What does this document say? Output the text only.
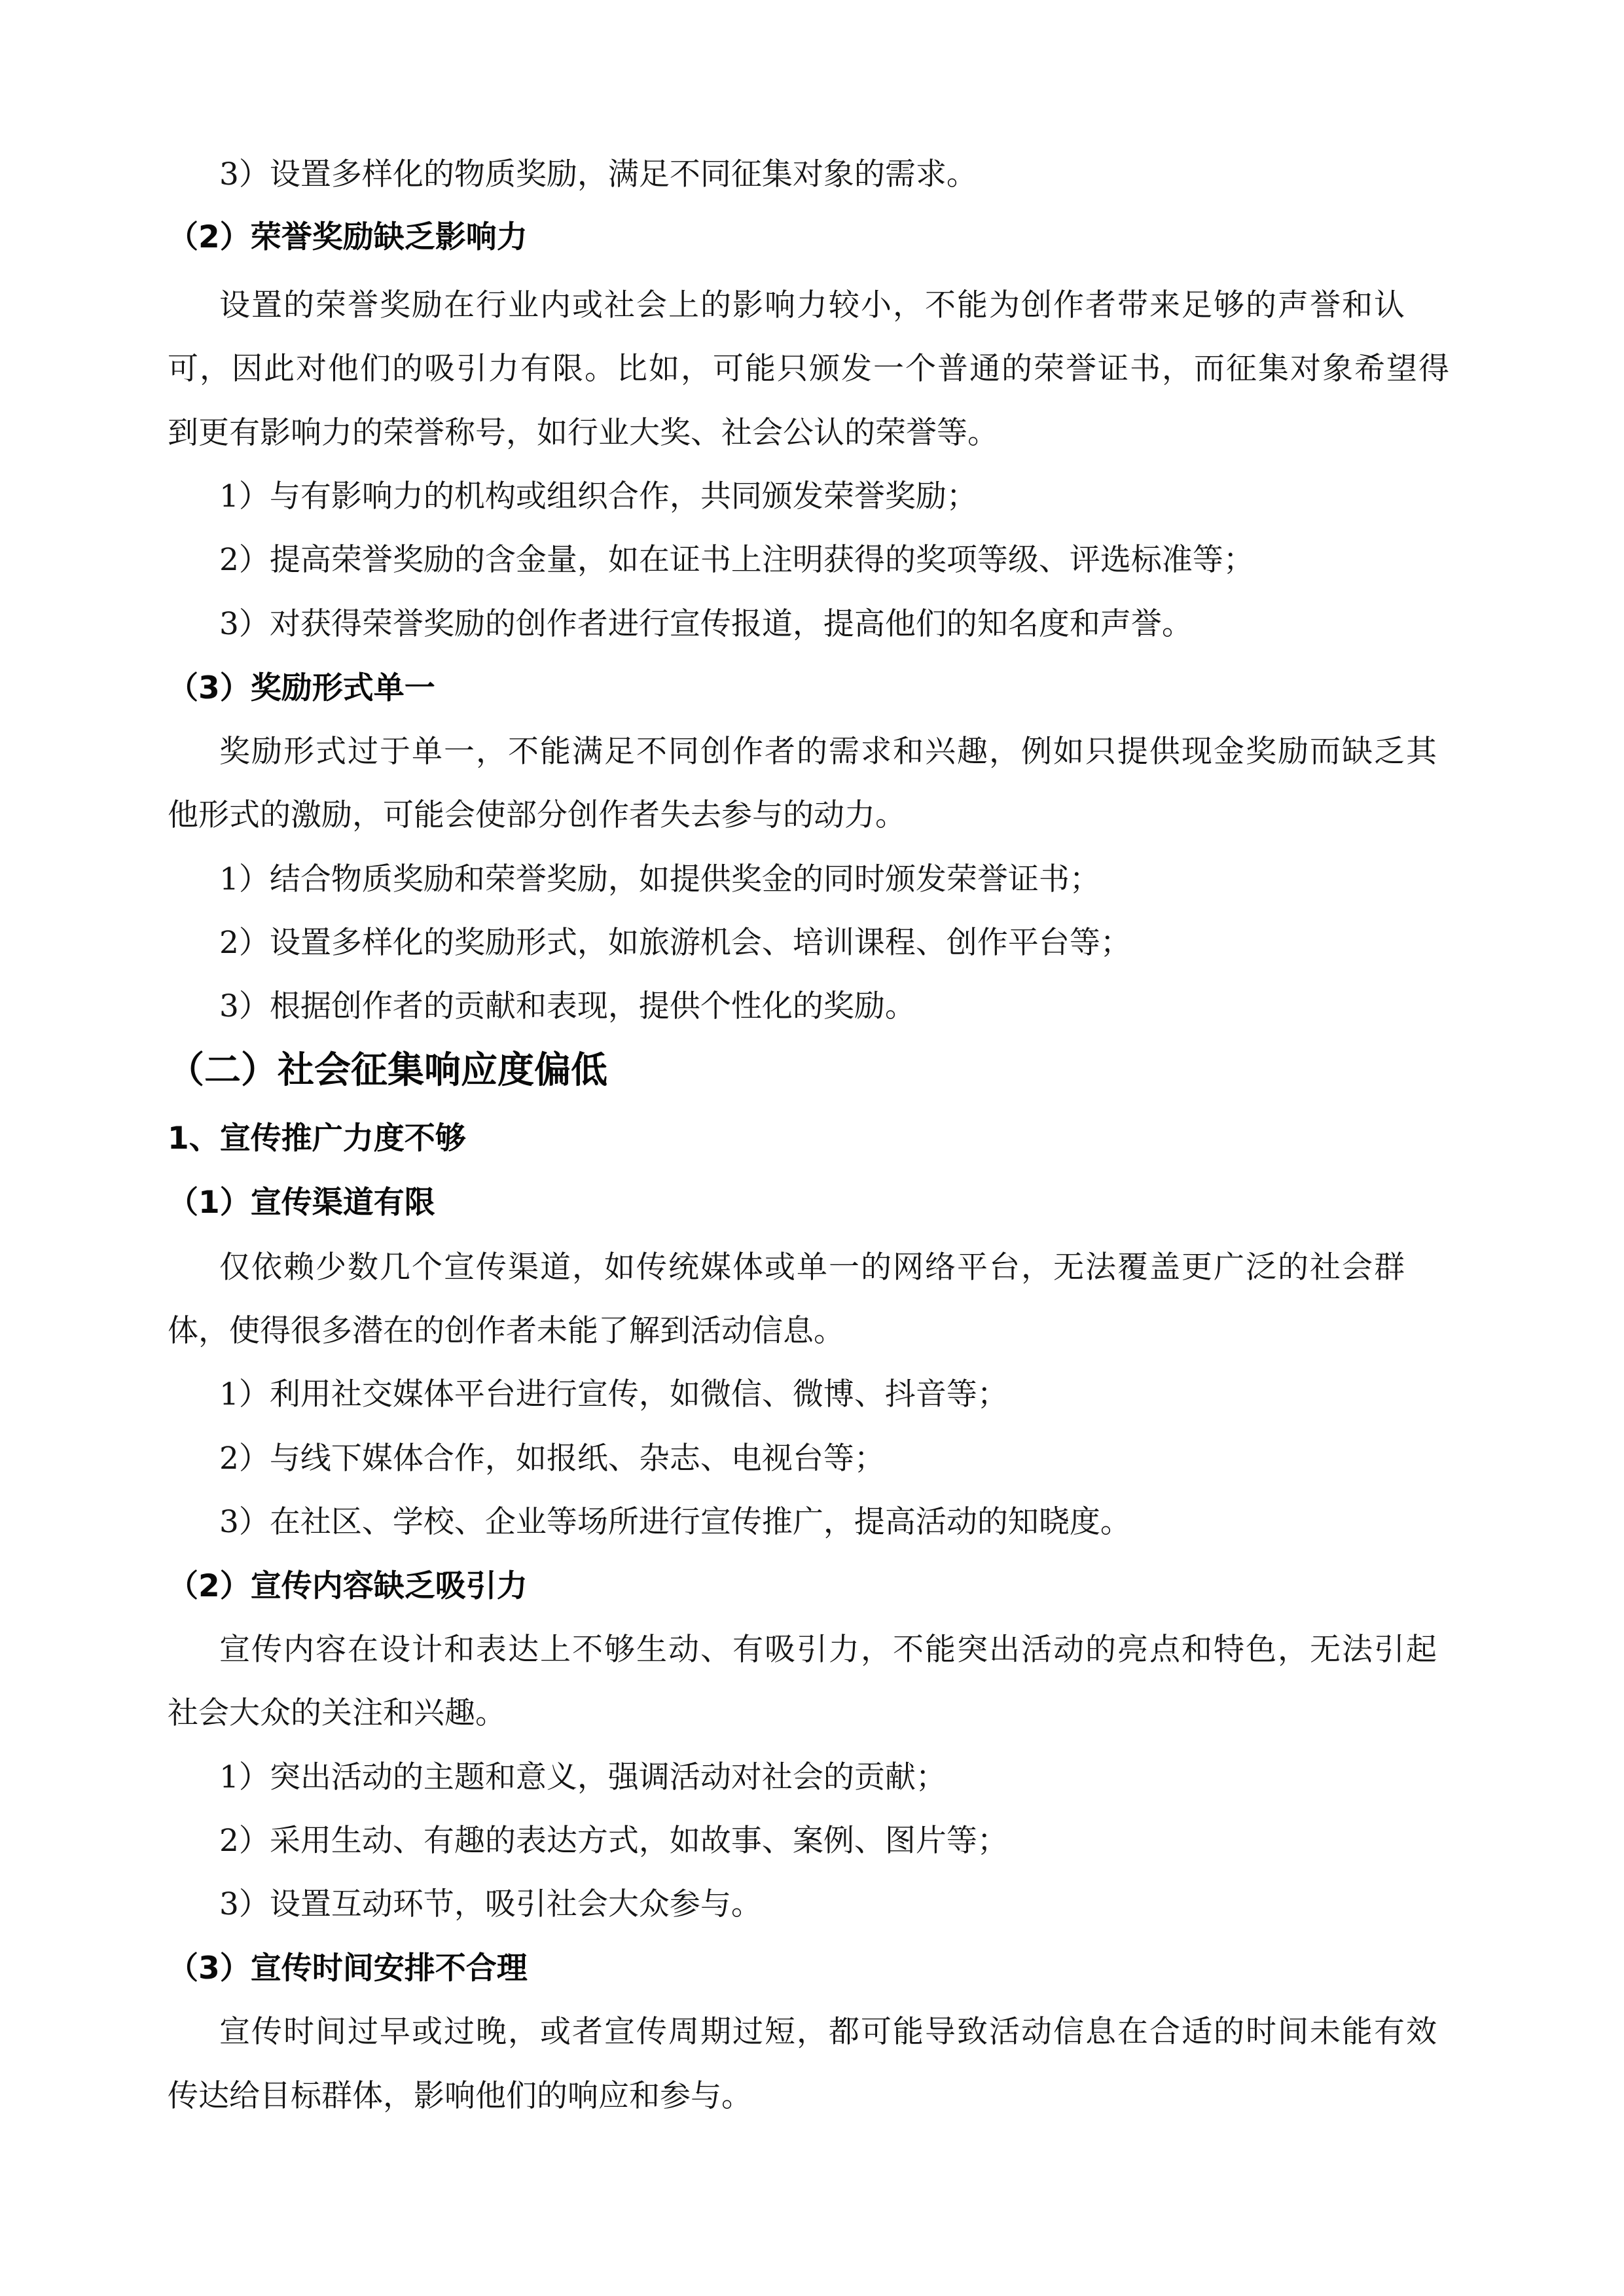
3）设置多样化的物质奖励，满足不同征集对象的需求。

（2）荣誉奖励缺乏影响力

设置的荣誉奖励在行业内或社会上的影响力较小，不能为创作者带来足够的声誉和认

可，因此对他们的吸引力有限。比如，可能只颁发一个普通的荣誉证书，而征集对象希望得

到更有影响力的荣誉称号，如行业大奖、社会公认的荣誉等。

1）与有影响力的机构或组织合作，共同颁发荣誉奖励；

2）提高荣誉奖励的含金量，如在证书上注明获得的奖项等级、评选标准等；

3）对获得荣誉奖励的创作者进行宣传报道，提高他们的知名度和声誉。

（3）奖励形式单一

奖励形式过于单一，不能满足不同创作者的需求和兴趣，例如只提供现金奖励而缺乏其

他形式的激励，可能会使部分创作者失去参与的动力。

1）结合物质奖励和荣誉奖励，如提供奖金的同时颁发荣誉证书；

2）设置多样化的奖励形式，如旅游机会、培训课程、创作平台等；

3）根据创作者的贡献和表现，提供个性化的奖励。

（二）社会征集响应度偏低

1、宣传推广力度不够

（1）宣传渠道有限

仅依赖少数几个宣传渠道，如传统媒体或单一的网络平台，无法覆盖更广泛的社会群

体，使得很多潜在的创作者未能了解到活动信息。

1）利用社交媒体平台进行宣传，如微信、微博、抖音等；

2）与线下媒体合作，如报纸、杂志、电视台等；

3）在社区、学校、企业等场所进行宣传推广，提高活动的知晓度。

（2）宣传内容缺乏吸引力

宣传内容在设计和表达上不够生动、有吸引力，不能突出活动的亮点和特色，无法引起

社会大众的关注和兴趣。

1）突出活动的主题和意义，强调活动对社会的贡献；

2）采用生动、有趣的表达方式，如故事、案例、图片等；

3）设置互动环节，吸引社会大众参与。

（3）宣传时间安排不合理

宣传时间过早或过晚，或者宣传周期过短，都可能导致活动信息在合适的时间未能有效

传达给目标群体，影响他们的响应和参与。
